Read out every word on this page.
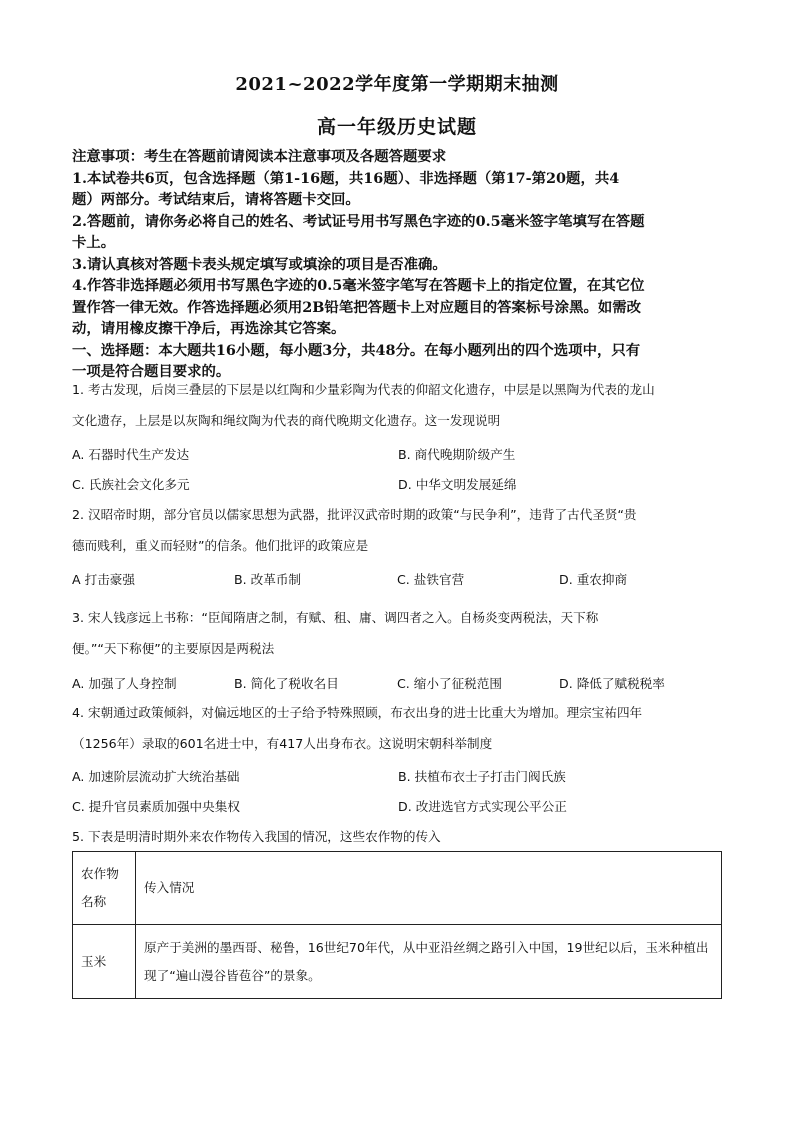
2021~2022学年度第一学期期末抽测
高一年级历史试题

注意事项：考生在答题前请阅读本注意事项及各题答题要求

1.本试卷共6页，包含选择题（第1-16题，共16题）、非选择题（第17-第20题，共4

题）两部分。考试结束后，请将答题卡交回。

2.答题前，请你务必将自己的姓名、考试证号用书写黑色字迹的0.5毫米签字笔填写在答题

卡上。

3.请认真核对答题卡表头规定填写或填涂的项目是否准确。

4.作答非选择题必须用书写黑色字迹的0.5毫米签字笔写在答题卡上的指定位置，在其它位

置作答一律无效。作答选择题必须用2B铅笔把答题卡上对应题目的答案标号涂黑。如需改

动，请用橡皮擦干净后，再选涂其它答案。

一、选择题：本大题共16小题，每小题3分，共48分。在每小题列出的四个选项中，只有

一项是符合题目要求的。

1. 考古发现，后岗三叠层的下层是以红陶和少量彩陶为代表的仰韶文化遗存，中层是以黑陶为代表的龙山

文化遗存，上层是以灰陶和绳纹陶为代表的商代晚期文化遗存。这一发现说明

A. 石器时代生产发达	B. 商代晚期阶级产生
C. 氏族社会文化多元	D. 中华文明发展延绵

2. 汉昭帝时期，部分官员以儒家思想为武器，批评汉武帝时期的政策“与民争利”，违背了古代圣贤“贵

德而贱利，重义而轻财”的信条。他们批评的政策应是

A 打击豪强	B. 改革币制	C. 盐铁官营	D. 重农抑商

3. 宋人钱彦远上书称：“臣闻隋唐之制，有赋、租、庸、调四者之入。自杨炎变两税法，天下称

便。”“天下称便”的主要原因是两税法

A. 加强了人身控制	B. 简化了税收名目	C. 缩小了征税范围	D. 降低了赋税税率

4. 宋朝通过政策倾斜，对偏远地区的士子给予特殊照顾，布衣出身的进士比重大为增加。理宗宝祐四年

（1256年）录取的601名进士中，有417人出身布衣。这说明宋朝科举制度

A. 加速阶层流动扩大统治基础	B. 扶植布衣士子打击门阀氏族
C. 提升官员素质加强中央集权	D. 改进选官方式实现公平公正

5. 下表是明清时期外来农作物传入我国的情况，这些农作物的传入

农作物名称	传入情况
玉米	原产于美洲的墨西哥、秘鲁，16世纪70年代，从中亚沿丝绸之路引入中国，19世纪以后，玉米种植出现了“遍山漫谷皆苞谷”的景象。
